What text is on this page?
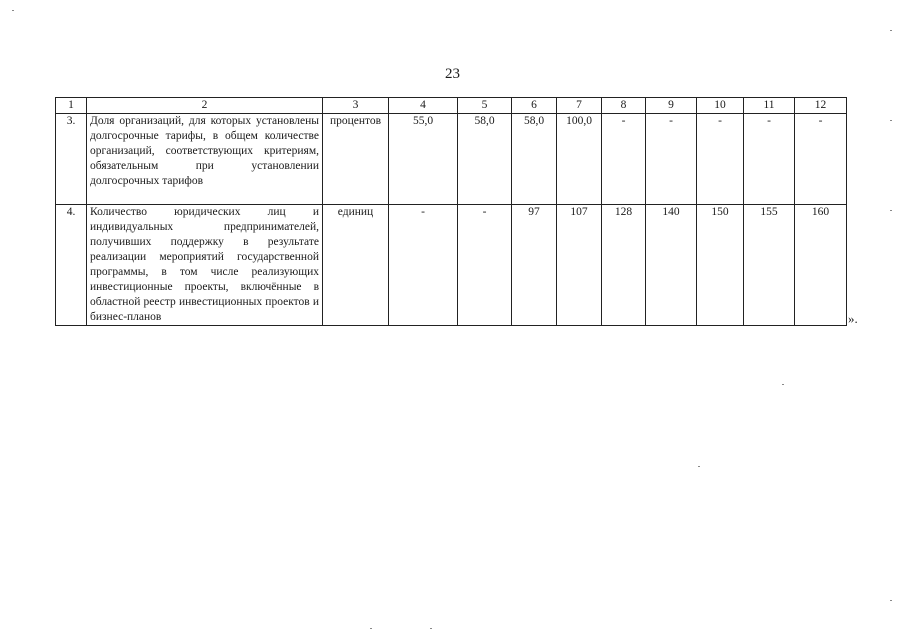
23
1	2	3	4	5	6	7	8	9	10	11	12
3.	Доля организаций, для которых установлены долгосрочные тарифы, в общем количестве организаций, соответствующих критериям, обязательным при установлении долгосрочных тарифов	процентов	55,0	58,0	58,0	100,0	-	-	-	-	-
4.	Количество юридических лиц и индивидуальных предпринимателей, получивших поддержку в результате реализации мероприятий государственной программы, в том числе реализующих инвестиционные проекты, включённые в областной реестр инвестиционных проектов и бизнес-планов	единиц	-	-	97	107	128	140	150	155	160
».
